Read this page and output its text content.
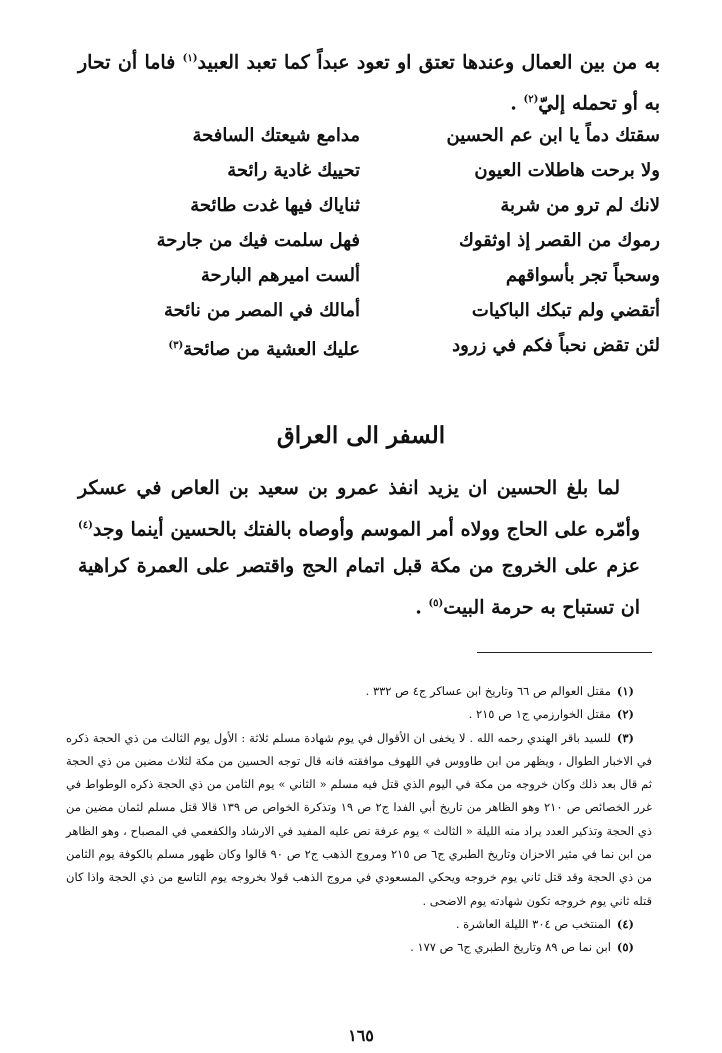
به من بين العمال وعندها تعتق او تعود عبداً كما تعبد العبيد$^{(١)}$ فاما أن تحار به أو تحمله إليّ$^{(٢)}$ .
سقتك دماً يا ابن عم الحسين
مدامع شيعتك السافحة
ولا برحت هاطلات العيون
تحييك غادية رائحة
لانك لم ترو من شربة
ثناياك فيها غدت طائحة
رموك من القصر إذ اوثقوك
فهل سلمت فيك من جارحة
وسحباً تجر بأسواقهم
ألست اميرهم البارحة
أتقضي ولم تبكك الباكيات
أمالك في المصر من نائحة
لئن تقض نحباً فكم في زرود
عليك العشية من صائحة$^{(٣)}$
السفر الى العراق
لما بلغ الحسين ان يزيد انفذ عمرو بن سعيد بن العاص في عسكر وأمّره على الحاج وولاه أمر الموسم وأوصاه بالفتك بالحسين أينما وجد$^{(٤)}$ عزم على الخروج من مكة قبل اتمام الحج واقتصر على العمرة كراهية ان تستباح به حرمة البيت$^{(٥)}$ .

(١)مقتل العوالم ص ٦٦ وتاريخ ابن عساكر ج٤ ص ٣٣٢ .

(٢)مقتل الخوارزمي ج١ ص ٢١٥ .

(٣)للسيد باقر الهندي رحمه الله . لا يخفى ان الأقوال في يوم شهادة مسلم ثلاثة : الأول يوم الثالث من ذي الحجة ذكره في الاخبار الطوال ، ويظهر من ابن طاووس في اللهوف موافقته فانه قال توجه الحسين من مكة لثلاث مضين من ذي الحجة ثم قال بعد ذلك وكان خروجه من مكة في اليوم الذي قتل فيه مسلم « الثاني » يوم الثامن من ذي الحجة ذكره الوطواط في غرر الخصائص ص ٢١٠ وهو الظاهر من تاريخ أبي الفدا ج٢ ص ١٩ وتذكرة الخواص ص ١٣٩ قالا قتل مسلم لثمان مضين من ذي الحجة وتذكير العدد يراد منه الليلة « الثالث » يوم عرفة نص عليه المفيد في الارشاد والكفعمي في المصباح ، وهو الظاهر من ابن نما في مثير الاحزان وتاريخ الطبري ج٦ ص ٢١٥ ومروج الذهب ج٢ ص ٩٠ قالوا وكان ظهور مسلم بالكوفة يوم الثامن من ذي الحجة وقد قتل ثاني يوم خروجه ويحكي المسعودي في مروج الذهب قولا بخروجه يوم التاسع من ذي الحجة واذا كان قتله ثاني يوم خروجه تكون شهادته يوم الاضحى .

(٤)المنتخب ص ٣٠٤ الليلة العاشرة .

(٥)ابن نما ص ٨٩ وتاريخ الطبري ج٦ ص ١٧٧ .

١٦٥
